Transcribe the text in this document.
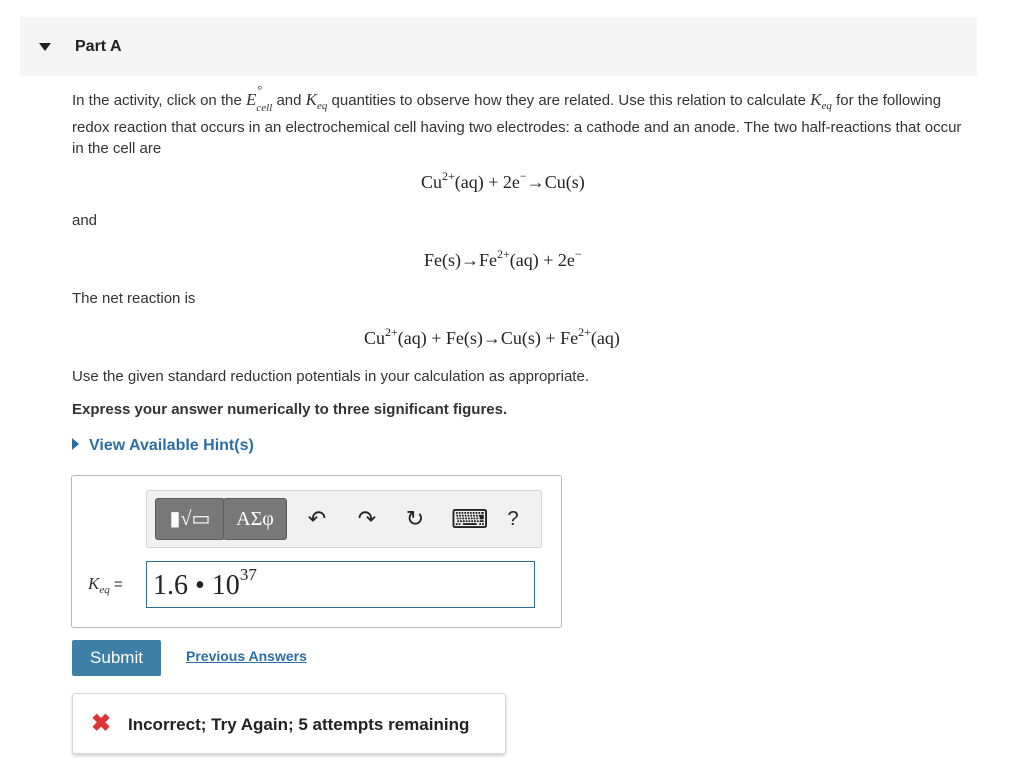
Part A
In the activity, click on the E °
$_{cell}$ and $K_{eq}$ quantities to observe how they are related. Use this relation to calculate $K_{eq}$ for the following redox reaction that occurs in an electrochemical cell having two electrodes: a cathode and an anode. The two half-reactions that occur in the cell are
$Cu^{2+}(aq) + 2e^-\to Cu(s)$
and
$Fe(s)\to Fe^{2+}(aq) + 2e^-$
The net reaction is
$Cu^{2+}(aq) + Fe(s)\to Cu(s) + Fe^{2+}(aq)$
Use the given standard reduction potentials in your calculation as appropriate.
Express your answer numerically to three significant figures.
View Available Hint(s)
▮√▭	ΑΣφ	↶ ↷ ↻ ⌨ ?
$K_{eq} = 1.6$ • $10^{37}$
Submit	Previous Answers
✖ Incorrect; Try Again; 5 attempts remaining
